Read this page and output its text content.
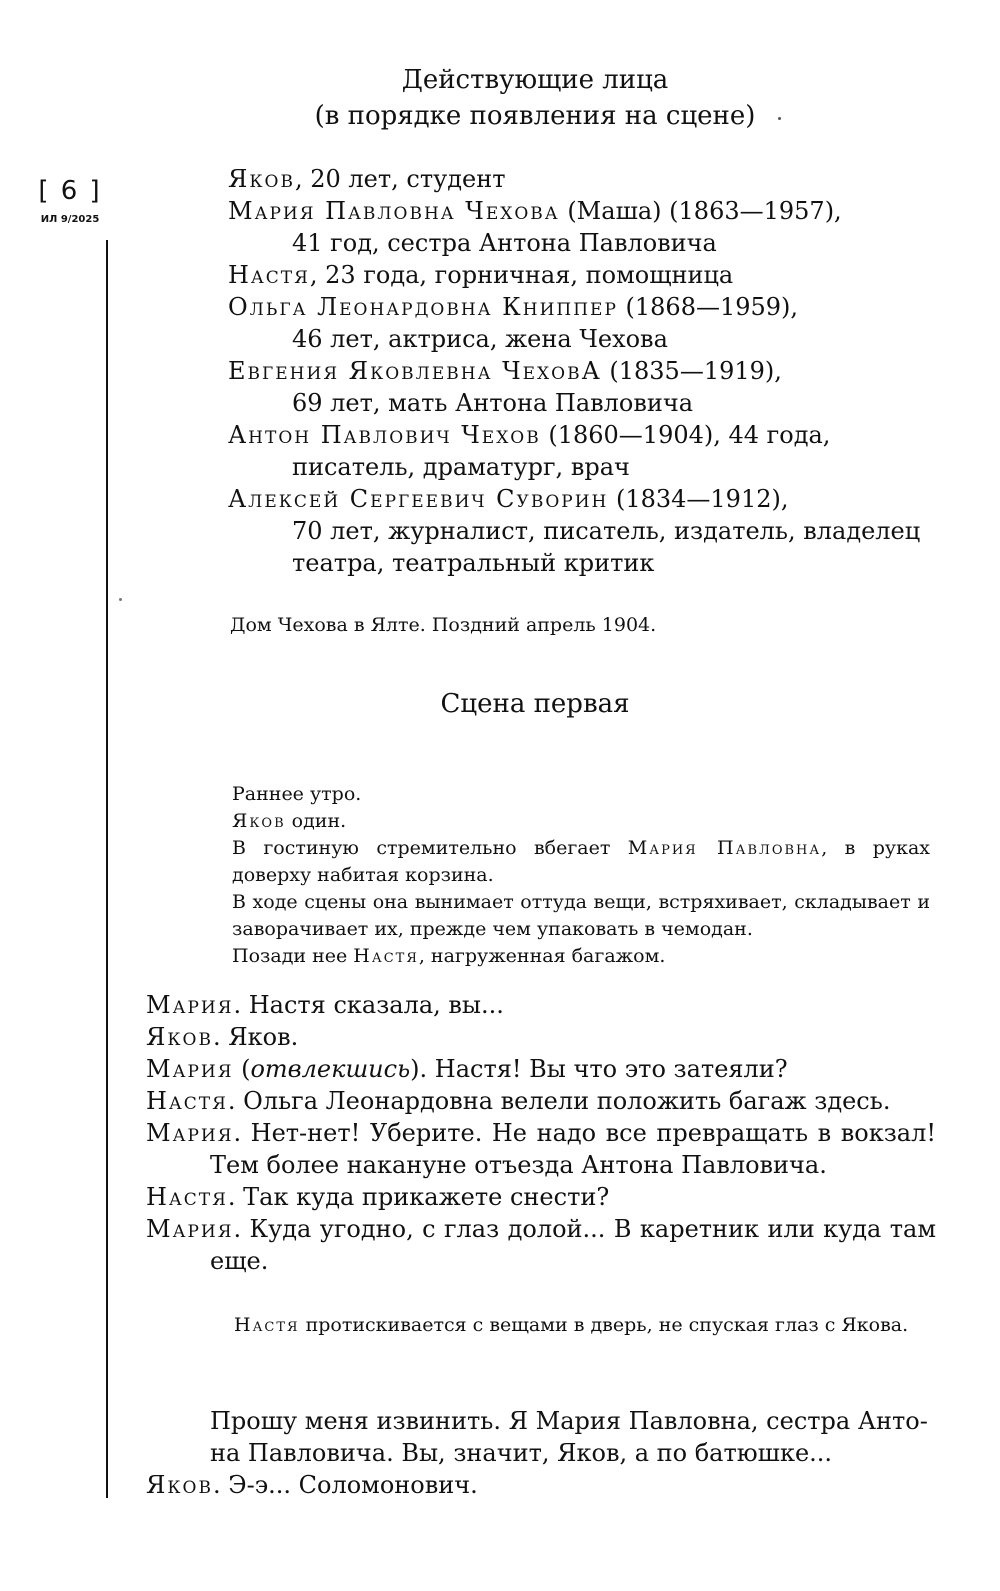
[ 6 ]
ИЛ 9/2025
Действующие лица
(в порядке появления на сцене)
Яков, 20 лет, студент
Мария Павловна Чехова (Маша) (1863—1957),
41 год, сестра Антона Павловича
Настя, 23 года, горничная, помощница
Ольга Леонардовна Книппер (1868—1959),
46 лет, актриса, жена Чехова
Евгения Яковлевна ЧеховА (1835—1919),
69 лет, мать Антона Павловича
Антон Павлович Чехов (1860—1904), 44 года,
писатель, драматург, врач
Алексей Сергеевич Суворин (1834—1912),
70 лет, журналист, писатель, издатель, владелец
театра, театральный критик
Дом Чехова в Ялте. Поздний апрель 1904.
Сцена первая

Раннее утро.

Яков один.

В гостиную стремительно вбегает Мария Павловна, в руках доверху набитая корзина.

В ходе сцены она вынимает оттуда вещи, встряхивает, складывает и заворачивает их, прежде чем упаковать в чемодан.

Позади нее Настя, нагруженная багажом.

Мария. Настя сказала, вы...

Яков. Яков.

Мария (отвлекшись). Настя! Вы что это затеяли?

Настя. Ольга Леонардовна велели положить багаж здесь.

Мария. Нет-нет! Уберите. Не надо все превращать в вокзал! Тем более накануне отъезда Антона Павловича.

Настя. Так куда прикажете снести?

Мария. Куда угодно, с глаз долой... В каретник или куда там еще.

Настя протискивается с вещами в дверь, не спуская глаз с Якова.

Прошу меня извинить. Я Мария Павловна, сестра Анто-

на Павловича. Вы, значит, Яков, а по батюшке...

Яков. Э-э... Соломонович.
